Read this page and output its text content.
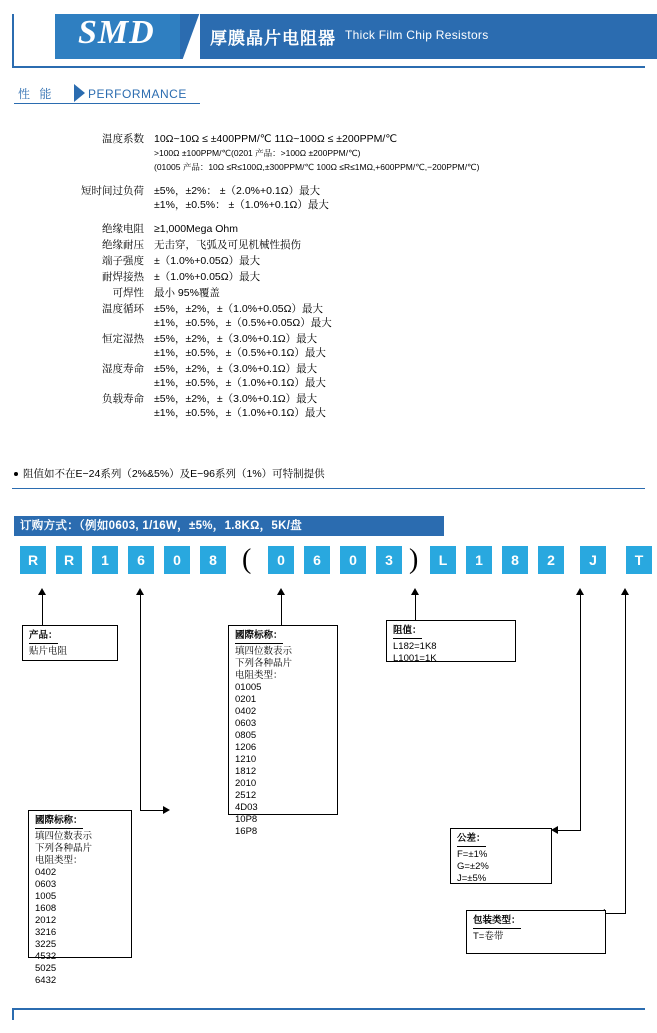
SMD	厚膜晶片电阻器 Thick Film Chip Resistors
性 能	PERFORMANCE
温度系数 10Ω~10Ω ≤ ±400PPM/℃ 11Ω~100Ω ≤ ±200PPM/℃
>100Ω ±100PPM/℃(0201 产品：>100Ω ±200PPM/℃)
(01005 产品：10Ω ≤R≤100Ω,±300PPM/℃ 100Ω ≤R≤1MΩ,+600PPM/℃,−200PPM/℃)
短时间过负荷 ±5%，±2%： ±（2.0%+0.1Ω）最大
±1%，±0.5%： ±（1.0%+0.1Ω）最大
绝缘电阻 ≥1,000Mega Ohm
绝缘耐压 无击穿，飞弧及可见机械性损伤
端子强度 ±（1.0%+0.05Ω）最大
耐焊接热 ±（1.0%+0.05Ω）最大
可焊性 最小 95%覆盖
温度循环 ±5%，±2%，±（1.0%+0.05Ω）最大
±1%，±0.5%，±（0.5%+0.05Ω）最大
恒定湿热 ±5%，±2%，±（3.0%+0.1Ω）最大
±1%，±0.5%，±（0.5%+0.1Ω）最大
湿度寿命 ±5%，±2%，±（3.0%+0.1Ω）最大
±1%，±0.5%，±（1.0%+0.1Ω）最大
负载寿命 ±5%，±2%，±（3.0%+0.1Ω）最大
±1%，±0.5%，±（1.0%+0.1Ω）最大
阻值如不在E−24系列（2%&5%）及E−96系列（1%）可特制提供
订购方式：（例如0603, 1/16W，±5%，1.8KΩ，5K/盘
R	R	1	6	0	8	0	6	0	3	L	1	8	2	J	T
(	)
产品：
贴片电阻
國際标称：
填四位数表示
下列各种晶片
电阻类型：
01005
0201
0402
0603
0805
1206
1210
1812
2010
2512
4D03
10P8
16P8
國際标称：
填四位数表示
下列各种晶片
电阻类型：
0402
0603
1005
1608
2012
3216
3225
4532
5025
6432
阻值：
L182=1K8
L1001=1K
公差：
F=±1%
G=±2%
J=±5%
包装类型：
T=卷带
